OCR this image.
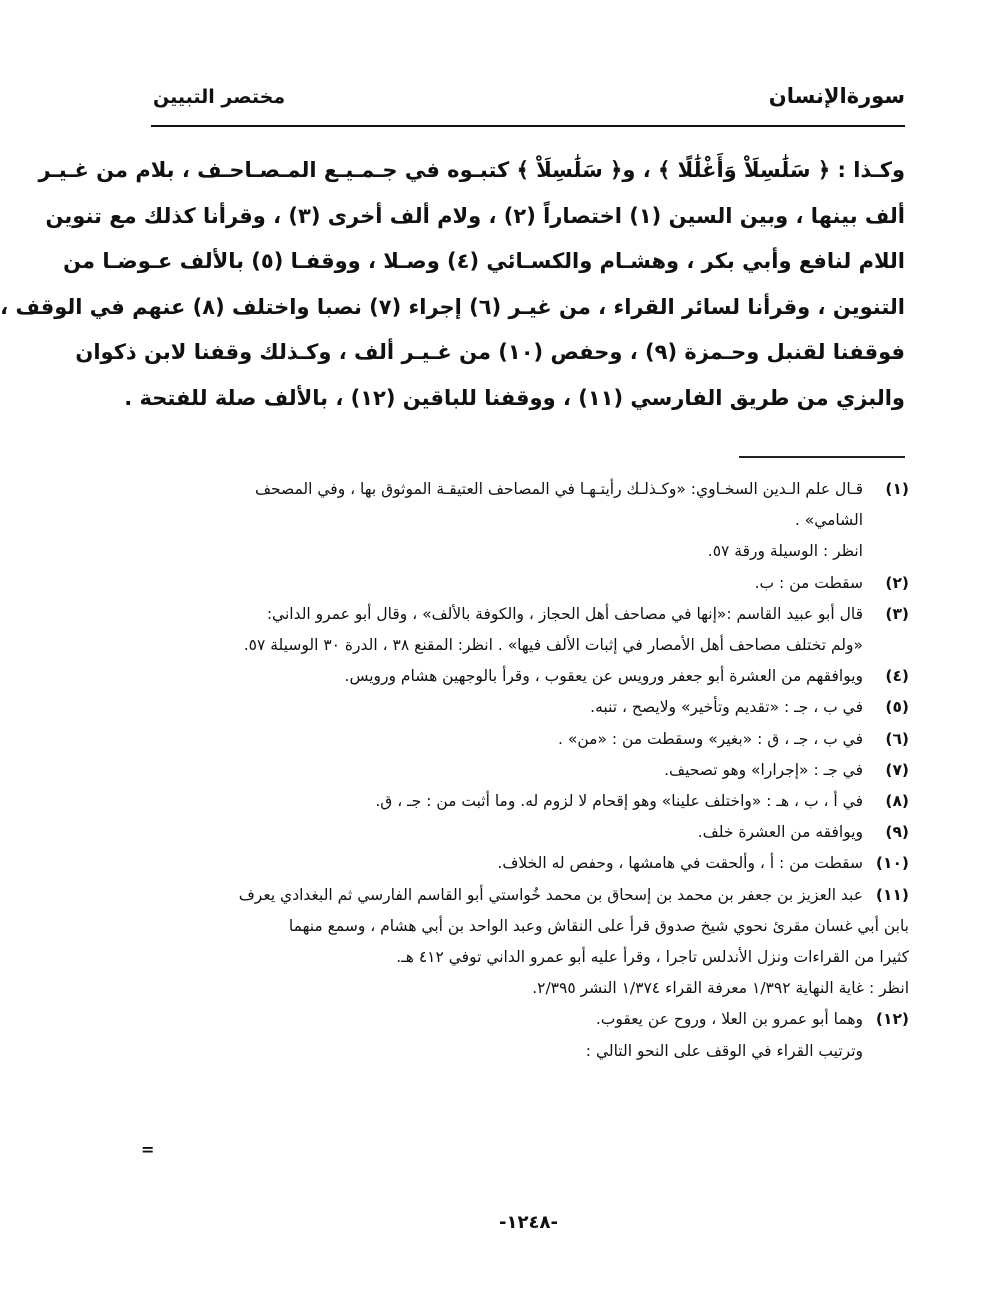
سورةالإنسان
مختصر التبيين
وكـذا : ﴿ سَلَٰسِلَاْ وَأَغْلَٰلًا ﴾ ، و﴿ سَلَٰسِلَاْ ﴾ كتبـوه في جـمـيـع المـصـاحـف ، بلام من غـيـر
ألف بينها ، وبين السين (١) اختصاراً (٢) ، ولام ألف أخرى (٣) ، وقرأنا كذلك مع تنوين
اللام لنافع وأبي بكر ، وهشـام والكسـائي (٤) وصـلا ، ووقفـا (٥) بالألف عـوضـا من
التنوين ، وقرأنا لسائر القراء ، من غيـر (٦) إجراء (٧) نصبا واختلف (٨) عنهم في الوقف ،
فوقفنا لقنبل وحـمزة (٩) ، وحفص (١٠) من غـيـر ألف ، وكـذلك وقفنا لابن ذكوان
والبزي من طريق الفارسي (١١) ، ووقفنا للباقين (١٢) ، بالألف صلة للفتحة .
(١)قـال علم الـدين السخـاوي: «وكـذلـك رأيتـهـا في المصاحف العتيقـة الموثوق بها ، وفي المصحف
الشامي» .
انظر : الوسيلة ورقة ٥٧.
(٢)سقطت من : ب.
(٣)قال أبو عبيد القاسم :«إنها في مصاحف أهل الحجاز ، والكوفة بالألف» ، وقال أبو عمرو الداني:
«ولم تختلف مصاحف أهل الأمصار في إثبات الألف فيها» . انظر: المقنع ٣٨ ، الدرة ٣٠ الوسيلة ٥٧.
(٤)ويوافقهم من العشرة أبو جعفر ورويس عن يعقوب ، وقرأ بالوجهين هشام ورويس.
(٥)في ب ، جـ : «تقديم وتأخير» ولايصح ، تنبه.
(٦)في ب ، جـ ، ق : «بغير» وسقطت من : «من» .
(٧)في جـ : «إجرارا» وهو تصحيف.
(٨)في أ ، ب ، هـ : «واختلف علينا» وهو إقحام لا لزوم له. وما أثبت من : جـ ، ق.
(٩)ويوافقه من العشرة خلف.
(١٠)سقطت من : أ ، وألحقت في هامشها ، وحفص له الخلاف.
(١١)عبد العزيز بن جعفر بن محمد بن إسحاق بن محمد خُواستي أبو القاسم الفارسي ثم البغدادي يعرف
بابن أبي غسان مقرئ نحوي شيخ صدوق قرأ على النقاش وعبد الواحد بن أبي هشام ، وسمع منهما
كثيرا من القراءات ونزل الأندلس تاجرا ، وقرأ عليه أبو عمرو الداني توفي ٤١٢ هـ.
انظر : غاية النهاية ١/٣٩٢ معرفة القراء ١/٣٧٤ النشر ٢/٣٩٥.
(١٢)وهما أبو عمرو بن العلا ، وروح عن يعقوب.
وترتيب القراء في الوقف على النحو التالي :
=
-١٢٤٨-
